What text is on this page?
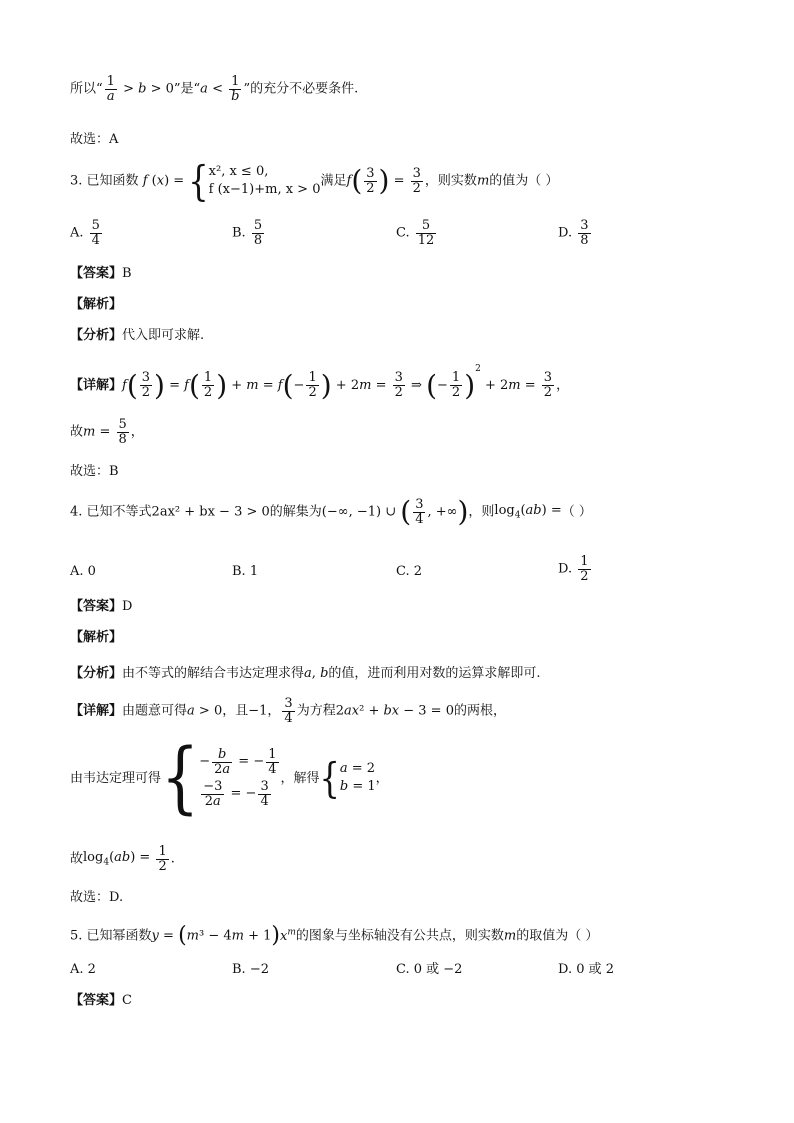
所以“ $\frac{1}{a} > b > 0$”是“$a < \frac{1}{b}$ ”的充分不必要条件.
故选：A
3. 已知函数 f (x) = { x², x ≤ 0,
f (x−1)+m, x > 0
满足$f( \frac{3}{2}$ ) = $\frac{3}{2}$ ，则实数m的值为（ ）
A. $\frac{5}{4}$	B. $\frac{5}{8}$	C. $\frac{5}{12}$	D. $\frac{3}{8}$
【答案】B
【解析】
【分析】代入即可求解.
【详解】$f( \frac{3}{2}$ ) = $f( \frac{1}{2}$ ) + $m = f(- \frac{1}{2}$ ) + $2m = \frac{3}{2}$ ⇒ (− $\frac{1}{2} )^2 + 2m = \frac{3}{2}$ ，
故$m = \frac{5}{8}$ ，
故选：B
4. 已知不等式2ax² + bx − 3 > 0的解集为(−∞, −1) ∪ ( $\frac{3}{4}$ , +∞)，则$\log_4(ab)$ =（ ）
A. 0	B. 1	C. 2	D. $\frac{1}{2}$
【答案】D
【解析】
【分析】由不等式的解结合韦达定理求得a, b的值，进而利用对数的运算求解即可.
【详解】由题意可得a > 0，且−1， $\frac{3}{4}$ 为方程2ax² + bx − 3 = 0的两根，
由韦达定理可得{ − $\frac{b}{2a}$ = − $\frac{1}{4}$
$\frac{-3}{2a}$ = − $\frac{3}{4}$
，解得{ a = 2
b = 1
，
故$\log_4(ab) = \frac{1}{2}$ .
故选：D.
5. 已知幂函数$y = (m^3 - 4m + 1)x^m$的图象与坐标轴没有公共点，则实数m的取值为（ ）
A. 2	B. −2	C. 0 或 −2	D. 0 或 2
【答案】C
